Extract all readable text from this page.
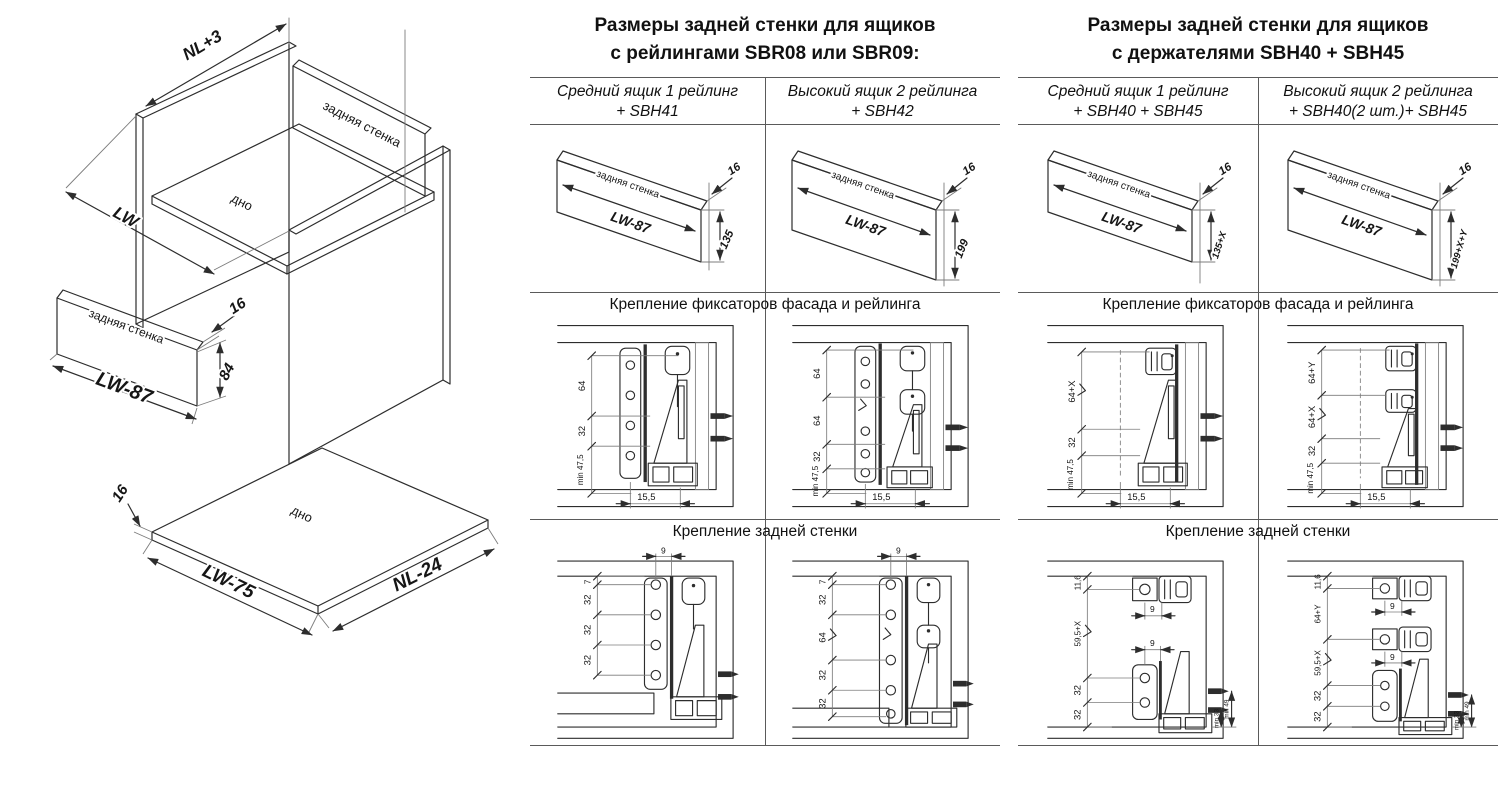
задняя стенка
дно
NL+3
LW
задняя стенка
LW-87
16
84
дно
16
LW-75	NL-24
Размеры задней стенки для ящиков
с рейлингами SBR08 или SBR09:
Средний ящик 1 рейлинг
+ SBH41
Высокий ящик 2 рейлинга
+ SBH42
задняя стенка
LW-87
16
135
задняя стенка
LW-87
16
199
Крепление фиксаторов фасада и рейлинга
64
32
min 47,5
15,5
64
64
32
min 47,5
15,5
Крепление задней стенки
9
7
32
32
32
9
7
32
64
32
32
Размеры задней стенки для ящиков
с держателями SBH40 + SBH45
Средний ящик 1 рейлинг
+ SBH40 + SBH45
Высокий ящик 2 рейлинга
+ SBH40(2 шт.)+ SBH45
задняя стенка
LW-87
16
135+X
задняя стенка
LW-87
16
199+X+Y
Крепление фиксаторов фасада и рейлинга
64+X
32
min 47,5
15,5
64+Y
64+X
32
min 47,5
15,5
Крепление задней стенки
9
9
min 33 min 49
11,6
59,5+X
32
32
9
9
min 33 min 49
11,6
64+Y
59,5+X
32
32
